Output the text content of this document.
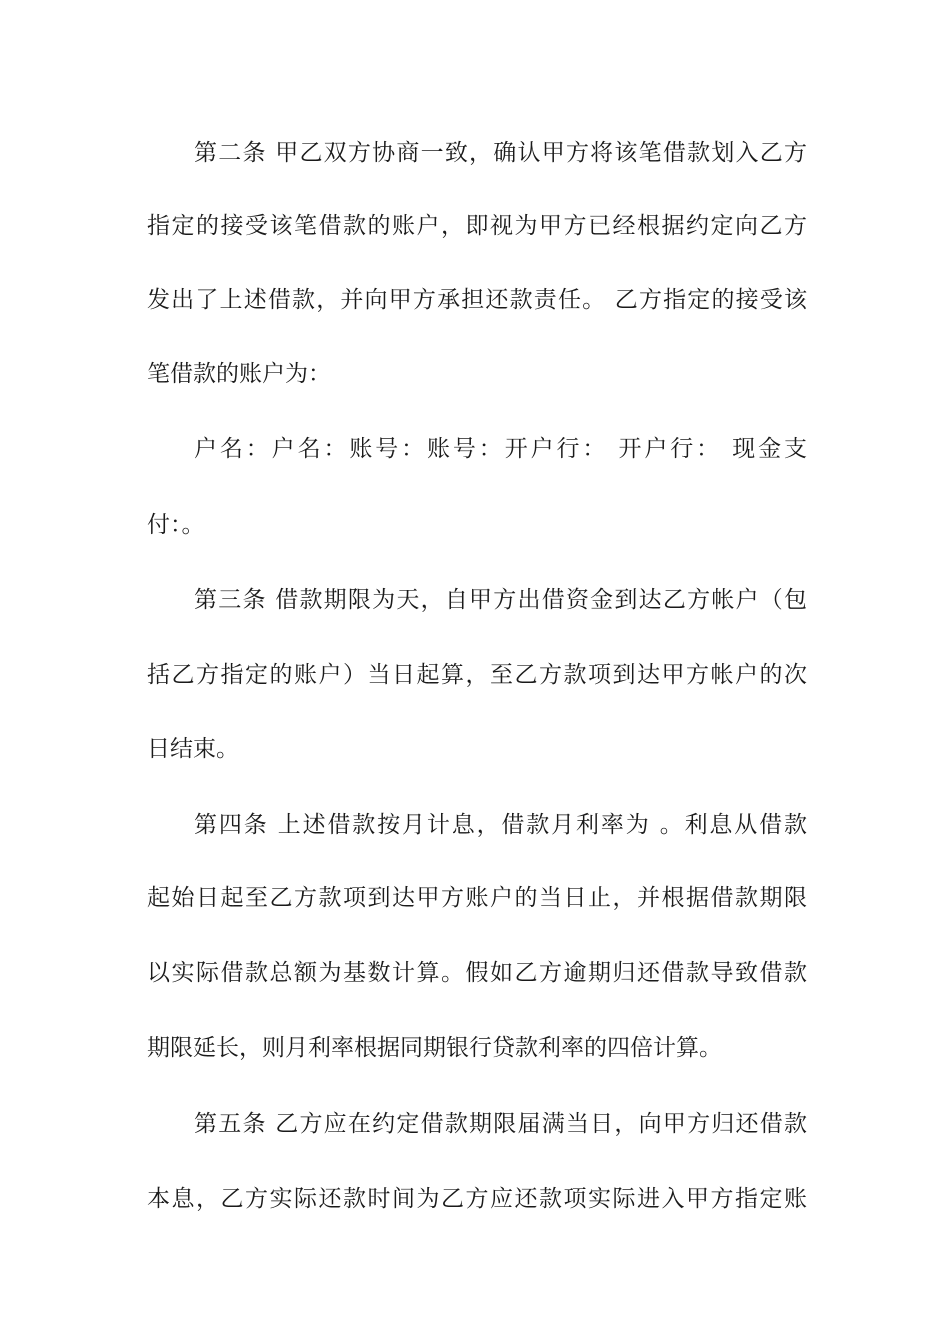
第二条 甲乙双方协商一致，确认甲方将该笔借款划入乙方
指定的接受该笔借款的账户，即视为甲方已经根据约定向乙方
发出了上述借款，并向甲方承担还款责任。 乙方指定的接受该
笔借款的账户为：
户名：户名：账号：账号：开户行： 开户行： 现金支
付：。
第三条 借款期限为天，自甲方出借资金到达乙方帐户（包
括乙方指定的账户）当日起算，至乙方款项到达甲方帐户的次
日结束。
第四条 上述借款按月计息，借款月利率为 。利息从借款
起始日起至乙方款项到达甲方账户的当日止，并根据借款期限
以实际借款总额为基数计算。假如乙方逾期归还借款导致借款
期限延长，则月利率根据同期银行贷款利率的四倍计算。
第五条 乙方应在约定借款期限届满当日，向甲方归还借款
本息，乙方实际还款时间为乙方应还款项实际进入甲方指定账
